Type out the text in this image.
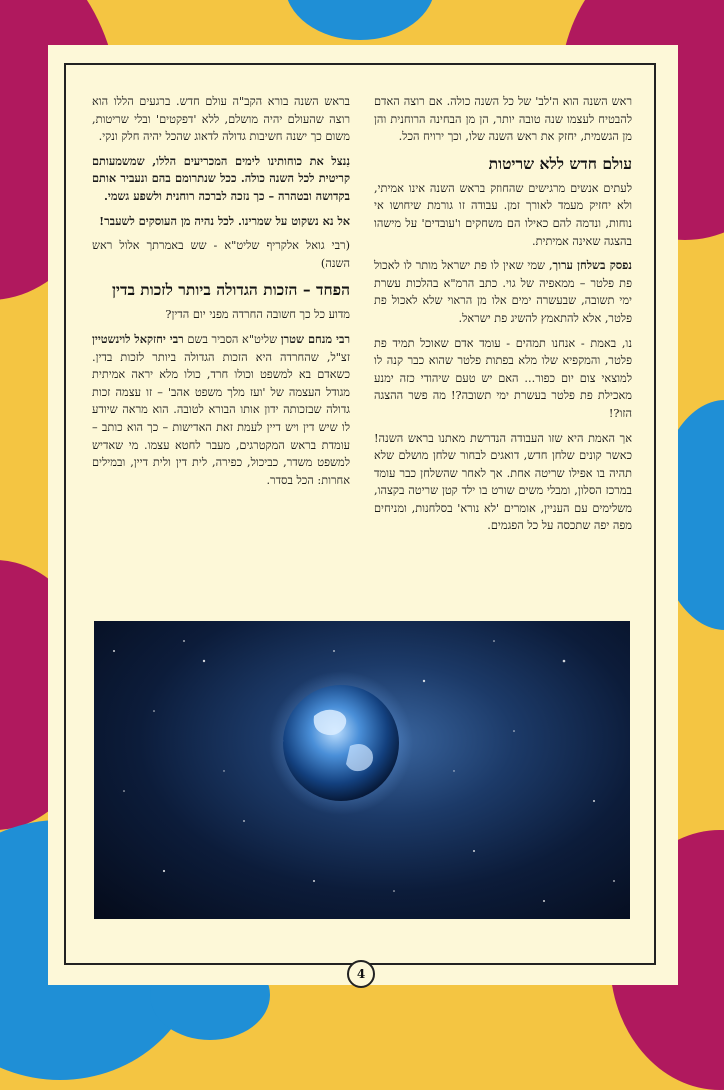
ראש השנה הוא ה'לב' של כל השנה כולה. אם רוצה האדם להבטיח לעצמו שנה טובה יותר, הן מן הבחינה הרוחנית והן מן הגשמית, יחזק את ראש השנה שלו, וכך ירויח הכל.

עולם חדש ללא שריטות

לעתים אנשים מרגישים שהחוזק בראש השנה אינו אמיתי, ולא יחזיק מעמד לאורך זמן. עבודה זו גורמת שיחושו אי נוחות, ונדמה להם כאילו הם משחקים ו'עובדים' על מישהו בהצגה שאינה אמיתית.

נפסק בשלחן ערוך, שמי שאין לו פת ישראל מותר לו לאכול פת פלטר – ממאפיה של גוי. כתב הרמ"א בהלכות עשרת ימי תשובה, שבעשרה ימים אלו מן הראוי שלא לאכול פת פלטר, אלא להתאמץ להשיג פת ישראל.

נו, באמת - אנחנו תמהים - עומד אדם שאוכל תמיד פת פלטר, והמקפיא שלו מלא בפתות פלטר שהוא כבר קנה לו למוצאי צום יום כפור... האם יש טעם שיהודי כזה ימנע מאכילת פת פלטר בעשרת ימי תשובה?! מה פשר ההצגה הזו?!

אך האמת היא שזו העבודה הנדרשת מאתנו בראש השנה! כאשר קונים שלחן חדש, דואגים לבחור שלחן מושלם שלא תהיה בו אפילו שריטה אחת. אך לאחר שהשלחן כבר עומד במרכז הסלון, ומבלי משים שורט בו ילד קטן שריטה בקצהו, משלימים עם העניין, אומרים 'לא נורא' בסלחנות, ומניחים מפה יפה שתכסה על כל הפגמים.

בראש השנה בורא הקב"ה עולם חדש. ברגעים הללו הוא רוצה שהעולם יהיה מושלם, ללא 'דפקטים' ובלי שריטות, משום כך ישנה חשיבות גדולה לדאוג שהכל יהיה חלק ונקי.

נִנצל את כוחותינו לימים המכריעים הללו, שמשמעותם קריטית לכל השנה כולה. ככל שנתרומם בהם ונעביר אותם בקדושה ובטהרה – כך נזכה לברכה רוחנית ולשפע גשמי.

אל נא נשקוט על שמרינו. לכל נהיה מן העוסקים לשעבר!

(רבי גואל אלקריף שליט"א - שש באמרתך אלול ראש השנה)

הפחד – הזכות הגדולה ביותר לזכות בדין

מדוע כל כך חשובה החרדה מפני יום הדין?

רבי מנחם שטרן שליט"א הסביר בשם רבי יחזקאל לוינשטיין זצ"ל, שהחרדה היא הזכות הגדולה ביותר לזכות בדין. כשאדם בא למשפט וכולו חרד, כולו מלא יראה אמיתית מגודל העצמה של 'ועז מלך משפט אהב' – זו עצמה זכות גדולה שבזכותה ידון אותו הבורא לטובה. הוא מראה שיודע לו שיש דין ויש דיין לעמת זאת האדישות – כך הוא כותב – עומדת בראש המקטרגים, מעבר לחטא עצמו. מי שאדיש למשפט משדר, כביכול, כפירה, לית דין ולית דיין, ובמילים אחרות: הכל בסדר.

4
